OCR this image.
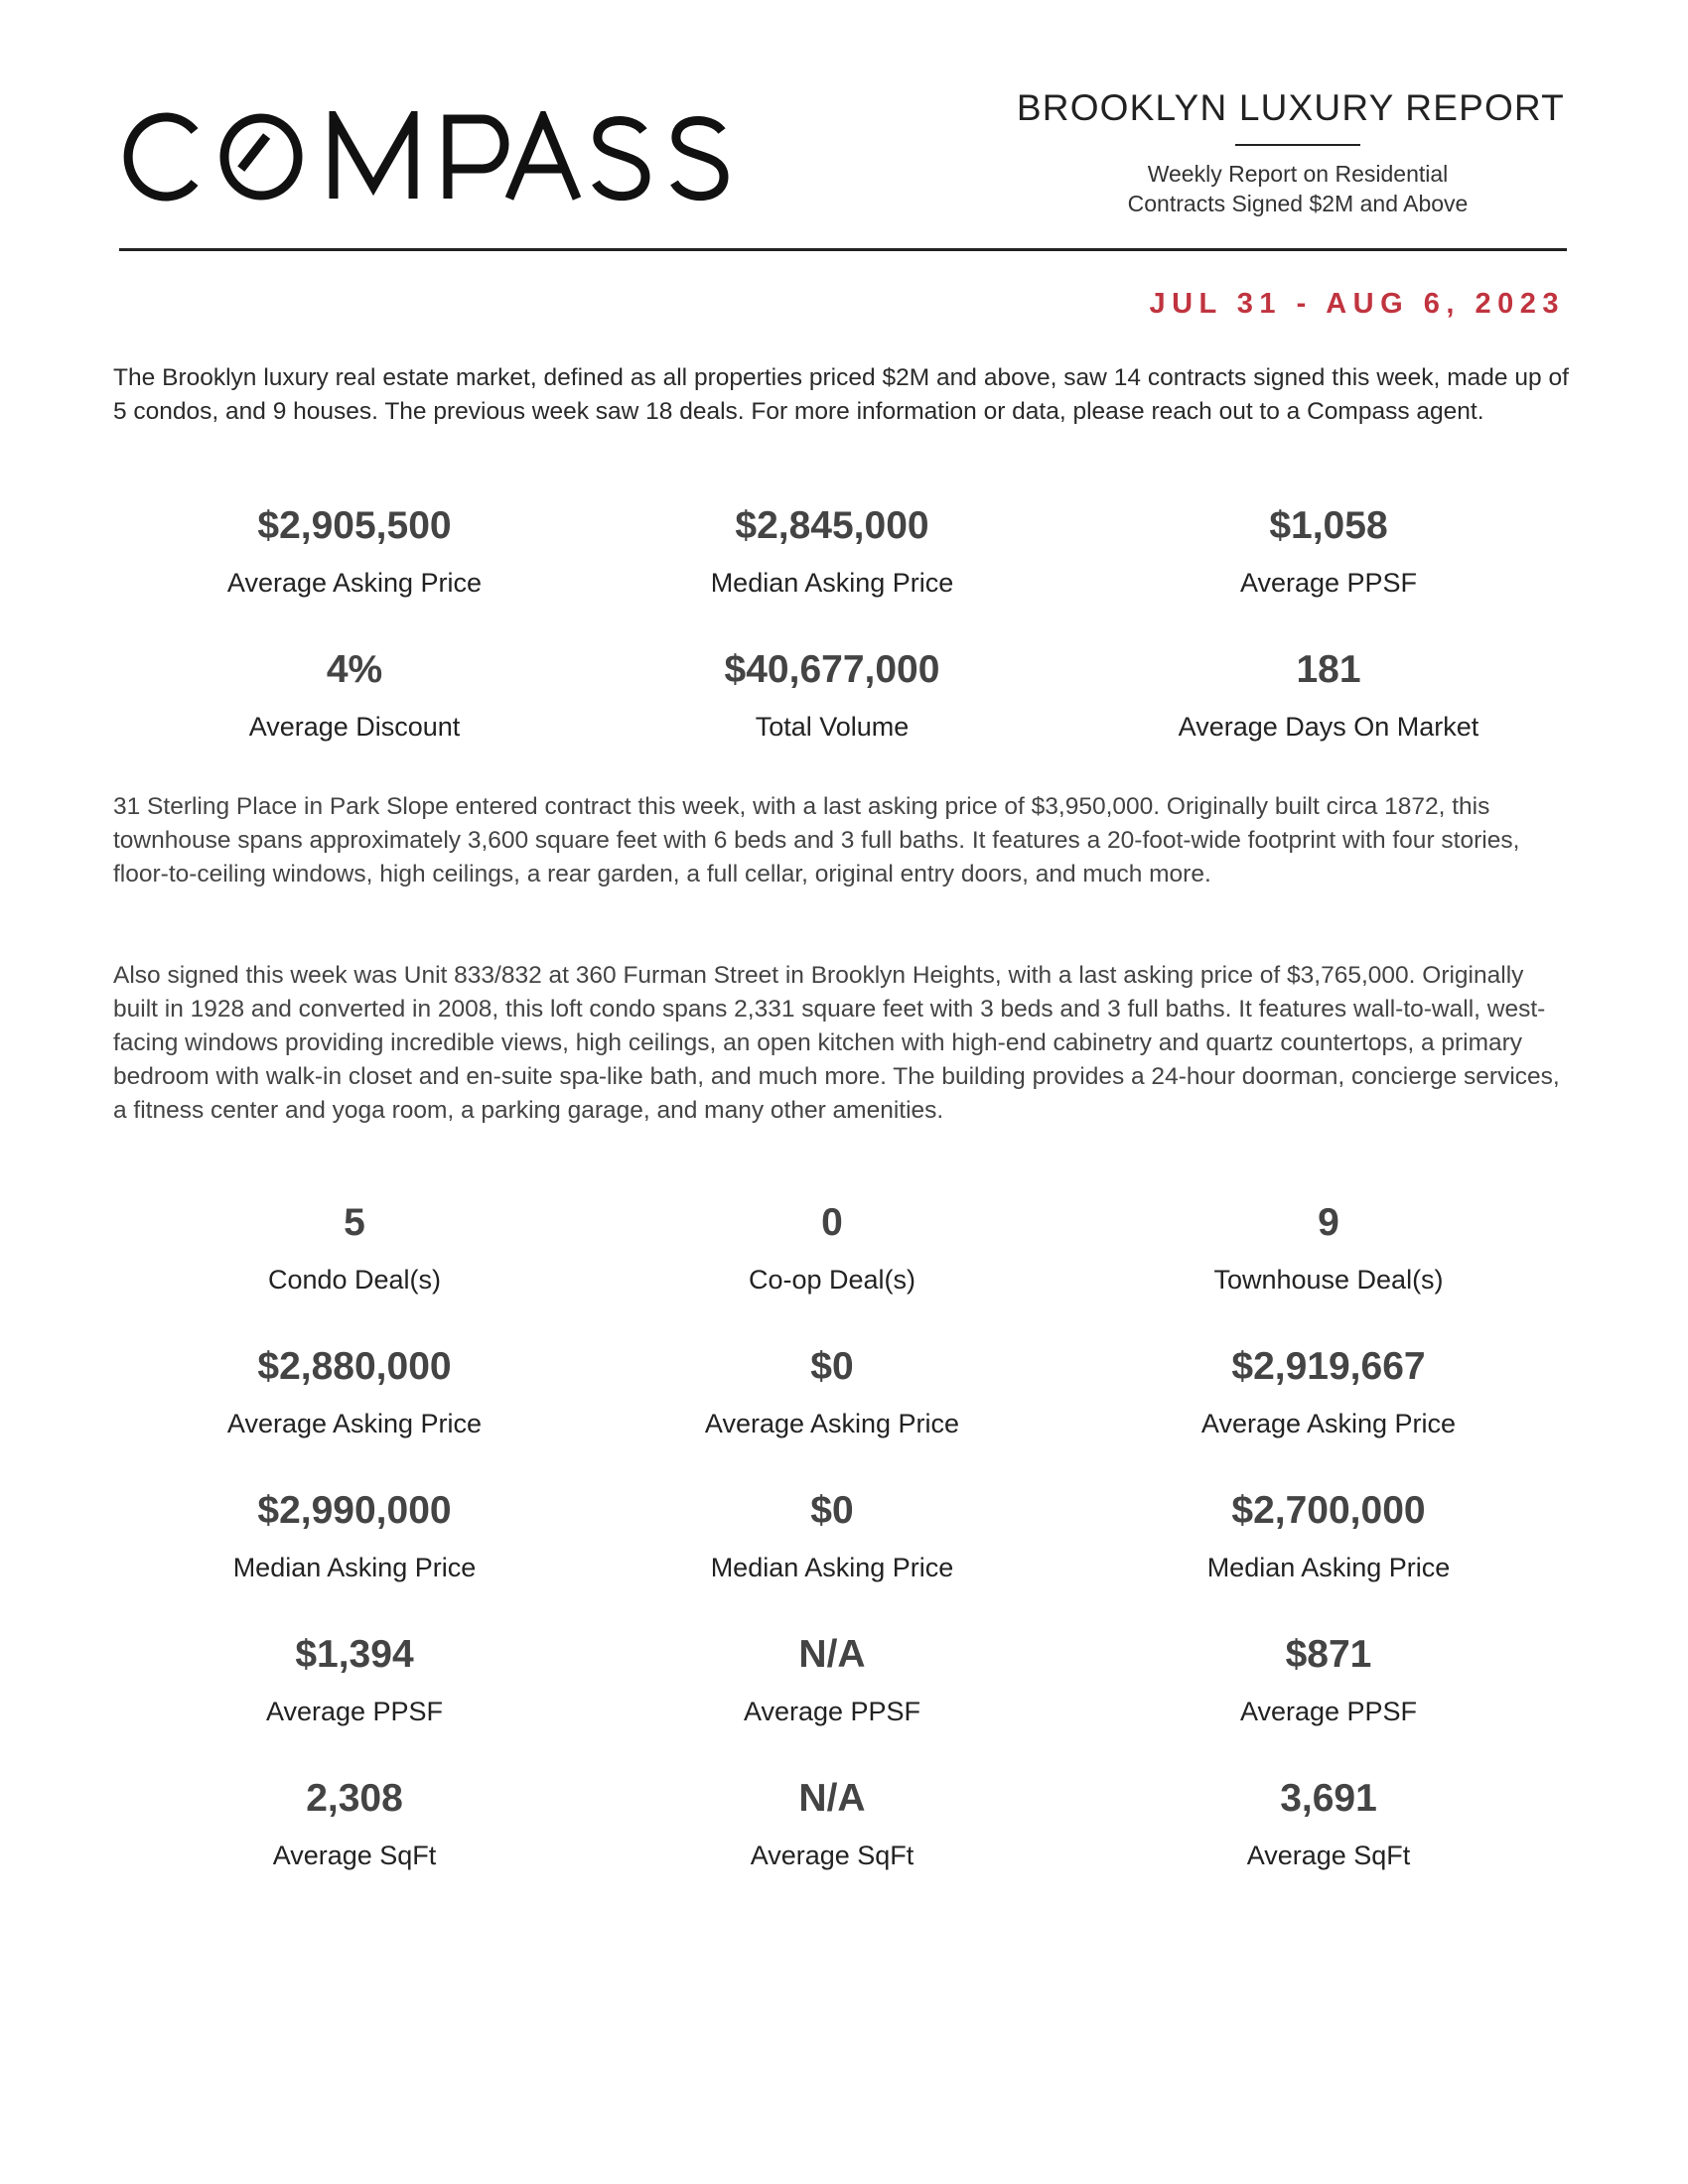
BROOKLYN LUXURY REPORT
Weekly Report on Residential
Contracts Signed $2M and Above
JUL 31 - AUG 6, 2023
The Brooklyn luxury real estate market, defined as all properties priced $2M and above, saw 14 contracts signed this week, made up of 5 condos, and 9 houses. The previous week saw 18 deals. For more information or data, please reach out to a Compass agent.
$2,905,500
Average Asking Price
$2,845,000
Median Asking Price
$1,058
Average PPSF
4%
Average Discount
$40,677,000
Total Volume
181
Average Days On Market
31 Sterling Place in Park Slope entered contract this week, with a last asking price of $3,950,000. Originally built circa 1872, this townhouse spans approximately 3,600 square feet with 6 beds and 3 full baths. It features a 20-foot-wide footprint with four stories, floor-to-ceiling windows, high ceilings, a rear garden, a full cellar, original entry doors, and much more.
Also signed this week was Unit 833/832 at 360 Furman Street in Brooklyn Heights, with a last asking price of $3,765,000. Originally built in 1928 and converted in 2008, this loft condo spans 2,331 square feet with 3 beds and 3 full baths. It features wall-to-wall, west-facing windows providing incredible views, high ceilings, an open kitchen with high-end cabinetry and quartz countertops, a primary bedroom with walk-in closet and en-suite spa-like bath, and much more. The building provides a 24-hour doorman, concierge services, a fitness center and yoga room, a parking garage, and many other amenities.
5
Condo Deal(s)
$2,880,000
Average Asking Price
$2,990,000
Median Asking Price
$1,394
Average PPSF
2,308
Average SqFt
0
Co-op Deal(s)
$0
Average Asking Price
$0
Median Asking Price
N/A
Average PPSF
N/A
Average SqFt
9
Townhouse Deal(s)
$2,919,667
Average Asking Price
$2,700,000
Median Asking Price
$871
Average PPSF
3,691
Average SqFt
